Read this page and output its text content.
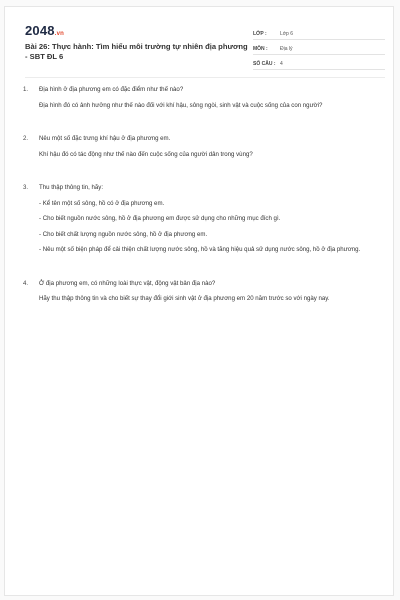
2048.vn
Bài 26: Thực hành: Tìm hiểu môi trường tự nhiên địa phương - SBT ĐL 6
LỚP :	Lớp 6
MÔN :	Địa lý
SỐ CÂU : 4
1.	Địa hình ở địa phương em có đặc điểm như thế nào?

Địa hình đó có ảnh hưởng như thế nào đối với khí hậu, sông ngòi, sinh vật và cuộc sống của con người?

2.	Nêu một số đặc trưng khí hậu ở địa phương em.

Khí hậu đó có tác động như thế nào đến cuộc sống của người dân trong vùng?

3.	Thu thập thông tin, hãy:

- Kể tên một số sông, hồ có ở địa phương em.

- Cho biết nguồn nước sông, hồ ở địa phương em được sử dụng cho những mục đích gì.

- Cho biết chất lượng nguồn nước sông, hồ ở địa phương em.

- Nêu một số biện pháp để cải thiện chất lượng nước sông, hồ và tăng hiệu quả sử dụng nước sông, hồ ở địa phương.

4.	Ở địa phương em, có những loài thực vật, động vật bản địa nào?

Hãy thu thập thông tin và cho biết sự thay đổi giới sinh vật ở địa phương em 20 năm trước so với ngày nay.
